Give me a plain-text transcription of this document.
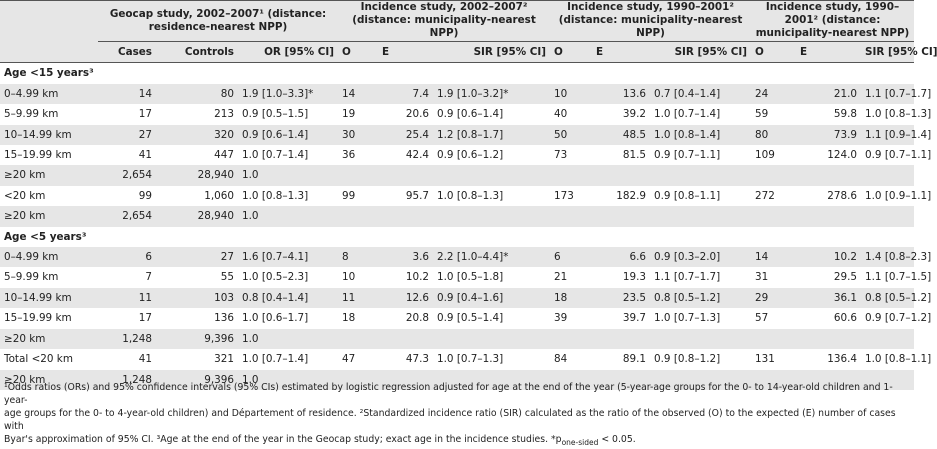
	Geocap study, 2002–2007¹ (distance: residence-nearest NPP)			Incidence study, 2002–2007² (distance: municipality-nearest NPP)			Incidence study, 1990–2001² (distance: municipality-nearest NPP)			Incidence study, 1990–2001² (distance: municipality-nearest NPP)		
	Cases	Controls	OR [95% CI]	O	E	SIR [95% CI]	O	E	SIR [95% CI]	O	E	SIR [95% CI]
Age <15 years³												
0–4.99 km	14	80	1.9 [1.0–3.3]*	14	7.4	1.9 [1.0–3.2]*	10	13.6	0.7 [0.4–1.4]	24	21.0	1.1 [0.7–1.7]
5–9.99 km	17	213	0.9 [0.5–1.5]	19	20.6	0.9 [0.6–1.4]	40	39.2	1.0 [0.7–1.4]	59	59.8	1.0 [0.8–1.3]
10–14.99 km	27	320	0.9 [0.6–1.4]	30	25.4	1.2 [0.8–1.7]	50	48.5	1.0 [0.8–1.4]	80	73.9	1.1 [0.9–1.4]
15–19.99 km	41	447	1.0 [0.7–1.4]	36	42.4	0.9 [0.6–1.2]	73	81.5	0.9 [0.7–1.1]	109	124.0	0.9 [0.7–1.1]
≥20 km	2,654	28,940	1.0									
<20 km	99	1,060	1.0 [0.8–1.3]	99	95.7	1.0 [0.8–1.3]	173	182.9	0.9 [0.8–1.1]	272	278.6	1.0 [0.9–1.1]
≥20 km	2,654	28,940	1.0									
Age <5 years³												
0–4.99 km	6	27	1.6 [0.7–4.1]	8	3.6	2.2 [1.0–4.4]*	6	6.6	0.9 [0.3–2.0]	14	10.2	1.4 [0.8–2.3]
5–9.99 km	7	55	1.0 [0.5–2.3]	10	10.2	1.0 [0.5–1.8]	21	19.3	1.1 [0.7–1.7]	31	29.5	1.1 [0.7–1.5]
10–14.99 km	11	103	0.8 [0.4–1.4]	11	12.6	0.9 [0.4–1.6]	18	23.5	0.8 [0.5–1.2]	29	36.1	0.8 [0.5–1.2]
15–19.99 km	17	136	1.0 [0.6–1.7]	18	20.8	0.9 [0.5–1.4]	39	39.7	1.0 [0.7–1.3]	57	60.6	0.9 [0.7–1.2]
≥20 km	1,248	9,396	1.0									
Total <20 km	41	321	1.0 [0.7–1.4]	47	47.3	1.0 [0.7–1.3]	84	89.1	0.9 [0.8–1.2]	131	136.4	1.0 [0.8–1.1]
≥20 km	1,248	9,396	1.0									
¹Odds ratios (ORs) and 95% confidence intervals (95% CIs) estimated by logistic regression adjusted for age at the end of the year (5-year-age groups for the 0- to 14-year-old children and 1-year-
age groups for the 0- to 4-year-old children) and Département of residence. ²Standardized incidence ratio (SIR) calculated as the ratio of the observed (O) to the expected (E) number of cases with
Byar's approximation of 95% CI. ³Age at the end of the year in the Geocap study; exact age in the incidence studies. $*p_{one-sided} < 0.05$.
